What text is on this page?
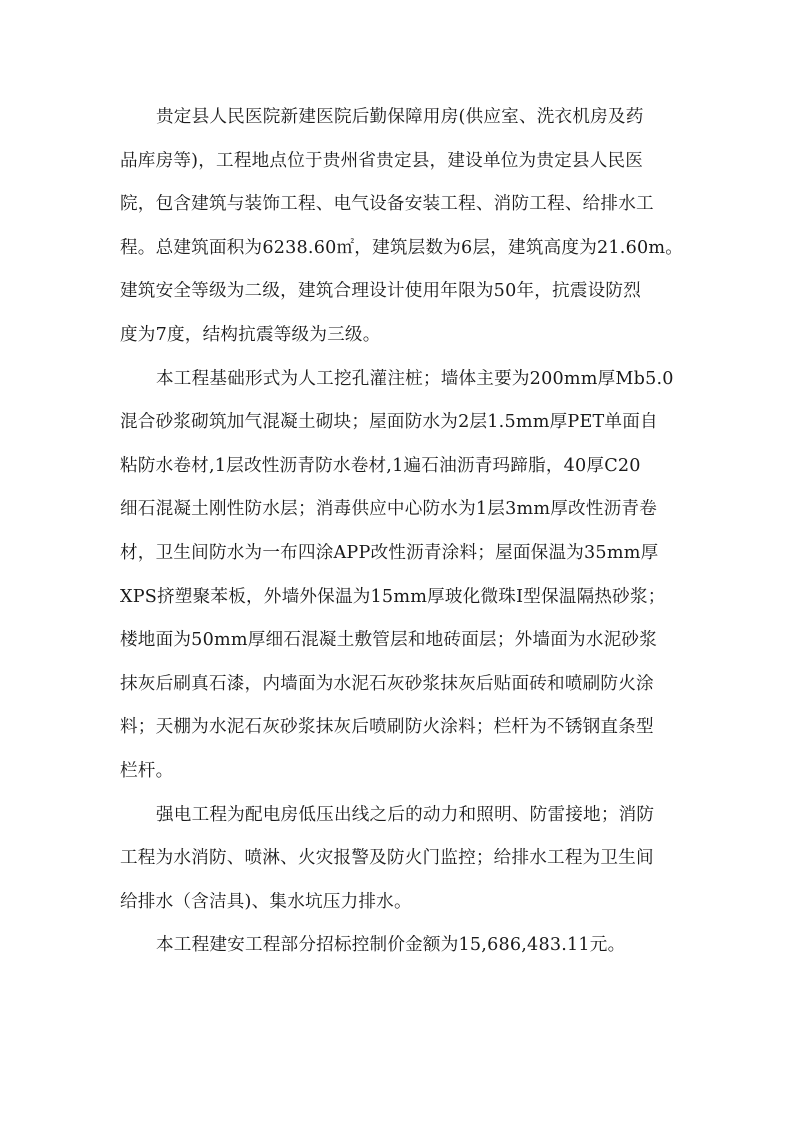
贵定县人民医院新建医院后勤保障用房(供应室、洗衣机房及药
品库房等)，工程地点位于贵州省贵定县，建设单位为贵定县人民医
院，包含建筑与装饰工程、电气设备安装工程、消防工程、给排水工
程。总建筑面积为6238.60㎡，建筑层数为6层，建筑高度为21.60m。
建筑安全等级为二级，建筑合理设计使用年限为50年，抗震设防烈
度为7度，结构抗震等级为三级。
本工程基础形式为人工挖孔灌注桩；墙体主要为200mm厚Mb5.0
混合砂浆砌筑加气混凝土砌块；屋面防水为2层1.5mm厚PET单面自
粘防水卷材,1层改性沥青防水卷材,1遍石油沥青玛蹄脂，40厚C20
细石混凝土刚性防水层；消毒供应中心防水为1层3mm厚改性沥青卷
材，卫生间防水为一布四涂APP改性沥青涂料；屋面保温为35mm厚
XPS挤塑聚苯板，外墙外保温为15mm厚玻化微珠I型保温隔热砂浆；
楼地面为50mm厚细石混凝土敷管层和地砖面层；外墙面为水泥砂浆
抹灰后刷真石漆，内墙面为水泥石灰砂浆抹灰后贴面砖和喷刷防火涂
料；天棚为水泥石灰砂浆抹灰后喷刷防火涂料；栏杆为不锈钢直条型
栏杆。
强电工程为配电房低压出线之后的动力和照明、防雷接地；消防
工程为水消防、喷淋、火灾报警及防火门监控；给排水工程为卫生间
给排水（含洁具)、集水坑压力排水。
本工程建安工程部分招标控制价金额为15,686,483.11元。
